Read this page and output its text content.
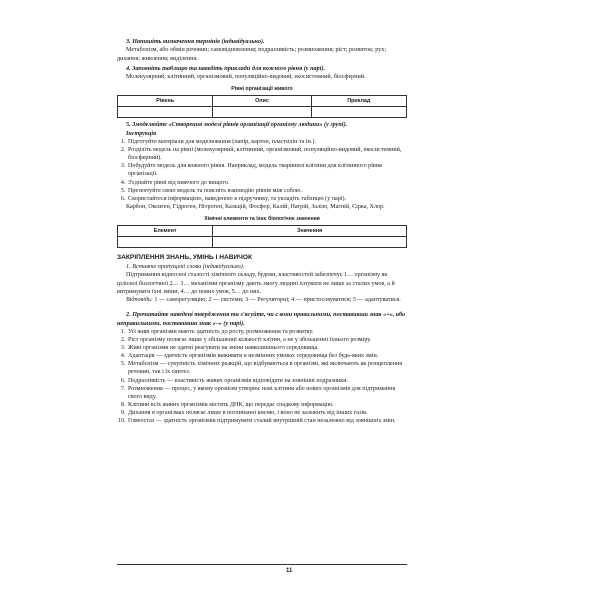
3. Напишіть визначення термінів (індивідуально).

Метаболізм, або обмін речовин; самовідновлення; подразливість; розмноження; ріст; розвиток; рух; дихання; живлення; виділення.

4. Заповніть таблицю та наведіть приклади для кожного рівня (у парі).

Молекулярний, клітинний, організмовий, популяційно-видовий, екосистемний, біосферний.

Рівні організації живого
Рівень	Опис	Приклад

5. Змоделюйте «Створення моделі рівнів організації організму людини» (у групі).

Інструкція

1. Підготуйте матеріали для моделювання (папір, картон, пластилін та ін.).
2. Розділіть модель на рівні (молекулярний, клітинний, організмовий, популяційно-видовий, екосистемний, біосферний).
3. Побудуйте модель для кожного рівня. Наприклад, модель тваринної клітини для клітинного рівня організації.
4. З'єднайте рівні від нижчого до вищого.
5. Презентуйте свою модель та поясніть взаємодію рівнів між собою.
6. Скористайтеся інформацією, наведеною в підручнику, та укладіть таблицю (у парі).

Карбон, Оксиген, Гідроген, Нітроген, Кальцій, Фосфор, Калій, Натрій, Залізо, Магній, Сірка, Хлор.

Хімічні елементи та їхнє біологічне значення
Елемент	Значення

ЗАКРІПЛЕННЯ ЗНАНЬ, УМІНЬ І НАВИЧОК

1. Вставте пропущені слова (індивідуально).

Підтримання відносної сталості хімічного складу, будови, властивостей забезпечує 1… організму як цілісної біологічної 2… 3… механізми організму дають змогу людині існувати не лише за сталих умов, а й витримувати їхні зміни, 4… до нових умов, 5… до них.

Відповідь: 1 — саморегуляцію; 2 — системи; 3 — Регуляторні; 4 — пристосовуватися; 5 — адаптуватися.

2. Прочитайте наведені твердження та з'ясуйте, чи є вони правильними, поставивши знак «+», або неправильними, поставивши знак «–» (у парі).

1. Усі живі організми мають здатність до росту, розмноження та розвитку.
2. Ріст організму полягає лише у збільшенні кількості клітин, а не у збільшенні їхнього розміру.
3. Живі організми не здатні реагувати на зміни навколишнього середовища.
4. Адаптація — здатність організмів виживати в незмінних умовах середовища без будь-яких змін.
5. Метаболізм — сукупність хімічних реакцій, що відбуваються в організмі, які включають як розщеплення речовин, так і їх синтез.
6. Подразливість — властивість живих організмів відповідати на зовнішні подразники.
7. Розмноження — процес, у якому організм утворює нові клітини або нових організмів для підтримання свого виду.
8. Клітини всіх живих організмів містять ДНК, що передає спадкову інформацію.
9. Дихання в організмах полягає лише в поглинанні кисню, і воно не залежить від інших газів.
10. Гомеостаз — здатність організмів підтримувати сталий внутрішній стан незалежно від зовнішніх змін.
11
